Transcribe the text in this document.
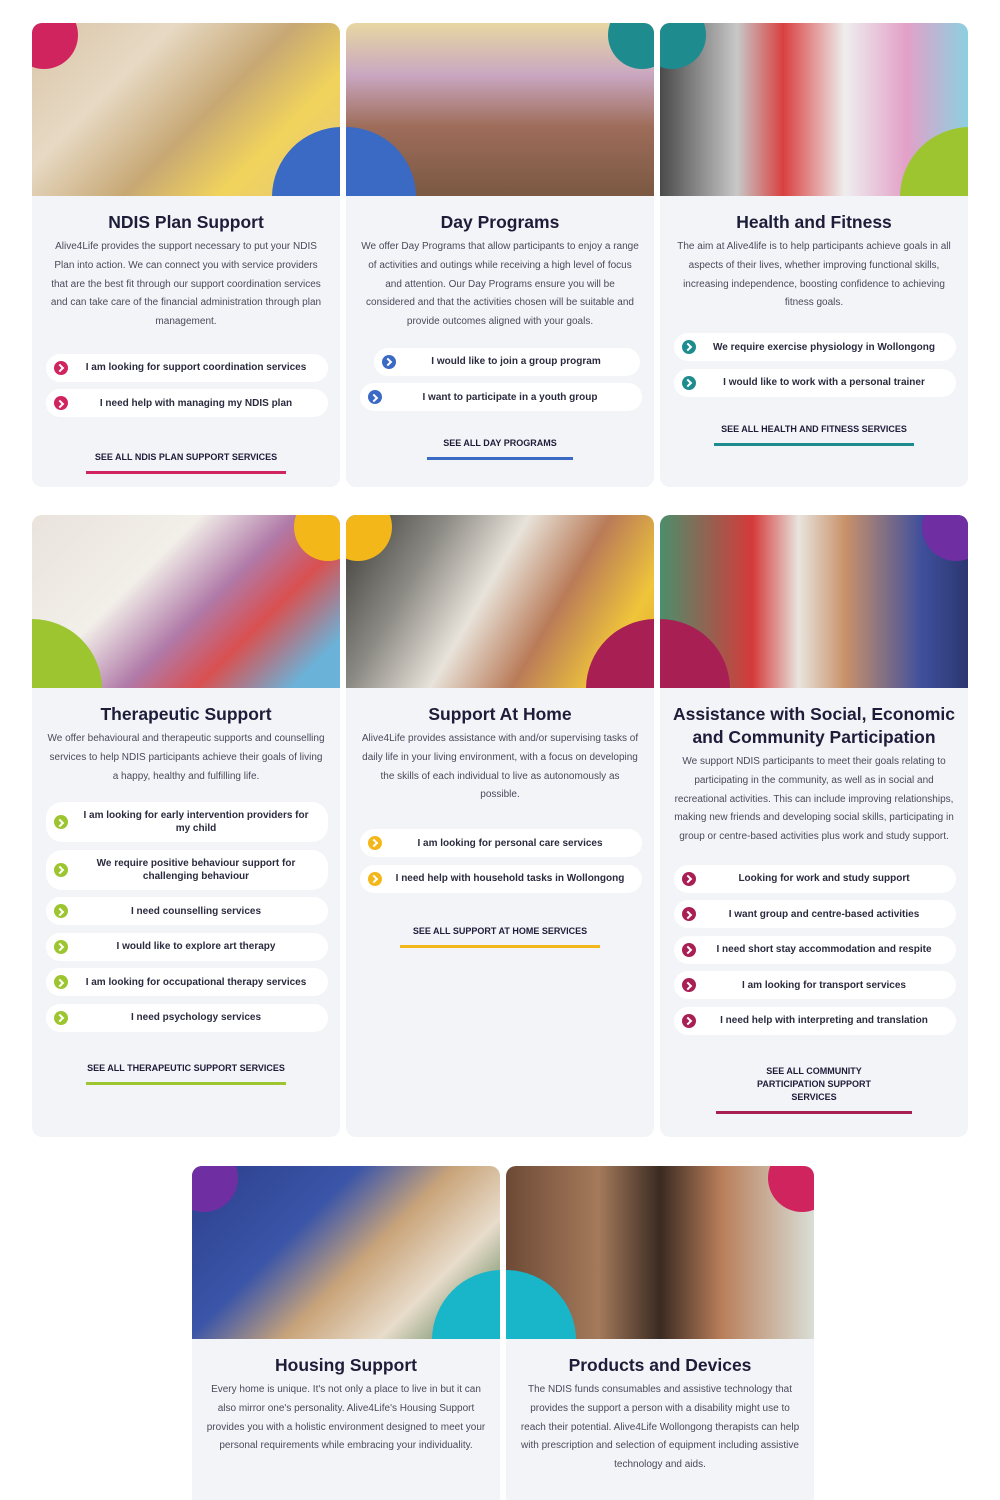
NDIS Plan Support

Alive4Life provides the support necessary to put your NDIS Plan into action. We can connect you with service providers that are the best fit through our support coordination services and can take care of the financial administration through plan management.

I am looking for support coordination services
I need help with managing my NDIS plan
SEE ALL NDIS PLAN SUPPORT SERVICES
Day Programs

We offer Day Programs that allow participants to enjoy a range of activities and outings while receiving a high level of focus and attention. Our Day Programs ensure you will be considered and that the activities chosen will be suitable and provide outcomes aligned with your goals.

I would like to join a group program
I want to participate in a youth group
SEE ALL DAY PROGRAMS
Health and Fitness

The aim at Alive4life is to help participants achieve goals in all aspects of their lives, whether improving functional skills, increasing independence, boosting confidence to achieving fitness goals.

We require exercise physiology in Wollongong
I would like to work with a personal trainer
SEE ALL HEALTH AND FITNESS SERVICES
Therapeutic Support

We offer behavioural and therapeutic supports and counselling services to help NDIS participants achieve their goals of living a happy, healthy and fulfilling life.

I am looking for early intervention providers for my child
We require positive behaviour support for challenging behaviour
I need counselling services
I would like to explore art therapy
I am looking for occupational therapy services
I need psychology services
SEE ALL THERAPEUTIC SUPPORT SERVICES
Support At Home

Alive4Life provides assistance with and/or supervising tasks of daily life in your living environment, with a focus on developing the skills of each individual to live as autonomously as possible.

I am looking for personal care services
I need help with household tasks in Wollongong
SEE ALL SUPPORT AT HOME SERVICES
Assistance with Social, Economic and Community Participation

We support NDIS participants to meet their goals relating to participating in the community, as well as in social and recreational activities. This can include improving relationships, making new friends and developing social skills, participating in group or centre-based activities plus work and study support.

Looking for work and study support
I want group and centre-based activities
I need short stay accommodation and respite
I am looking for transport services
I need help with interpreting and translation
SEE ALL COMMUNITY PARTICIPATION SUPPORT SERVICES
Housing Support

Every home is unique. It's not only a place to live in but it can also mirror one's personality. Alive4Life's Housing Support provides you with a holistic environment designed to meet your personal requirements while embracing your individuality.

Products and Devices

The NDIS funds consumables and assistive technology that provides the support a person with a disability might use to reach their potential. Alive4Life Wollongong therapists can help with prescription and selection of equipment including assistive technology and aids.
